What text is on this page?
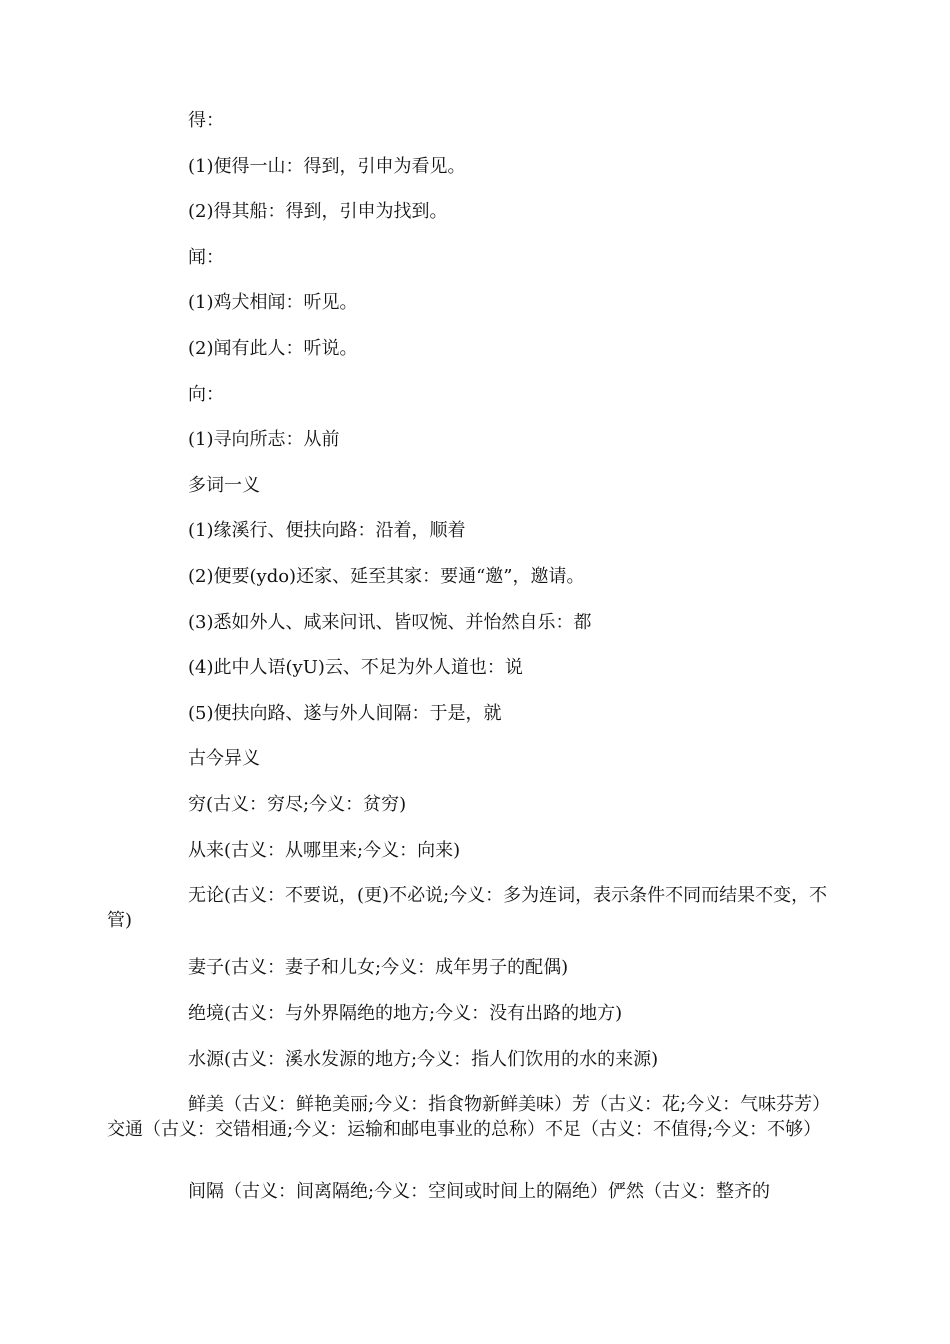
得：

(1)便得一山：得到，引申为看见。

(2)得其船：得到，引申为找到。

闻：

(1)鸡犬相闻：听见。

(2)闻有此人：听说。

向：

(1)寻向所志：从前

多词一义

(1)缘溪行、便扶向路：沿着，顺着

(2)便要(ydo)还家、延至其家：要通“邀”，邀请。

(3)悉如外人、咸来问讯、皆叹惋、并怡然自乐：都

(4)此中人语(yU)云、不足为外人道也：说

(5)便扶向路、遂与外人间隔：于是，就

古今异义

穷(古义：穷尽;今义：贫穷)

从来(古义：从哪里来;今义：向来)

无论(古义：不要说，(更)不必说;今义：多为连词，表示条件不同而结果不变，不管)

妻子(古义：妻子和儿女;今义：成年男子的配偶)

绝境(古义：与外界隔绝的地方;今义：没有出路的地方)

水源(古义：溪水发源的地方;今义：指人们饮用的水的来源)

鲜美（古义：鲜艳美丽;今义：指食物新鲜美味）芳（古义：花;今义：气味芬芳）交通（古义：交错相通;今义：运输和邮电事业的总称）不足（古义：不值得;今义：不够）

间隔（古义：间离隔绝;今义：空间或时间上的隔绝）俨然（古义：整齐的
